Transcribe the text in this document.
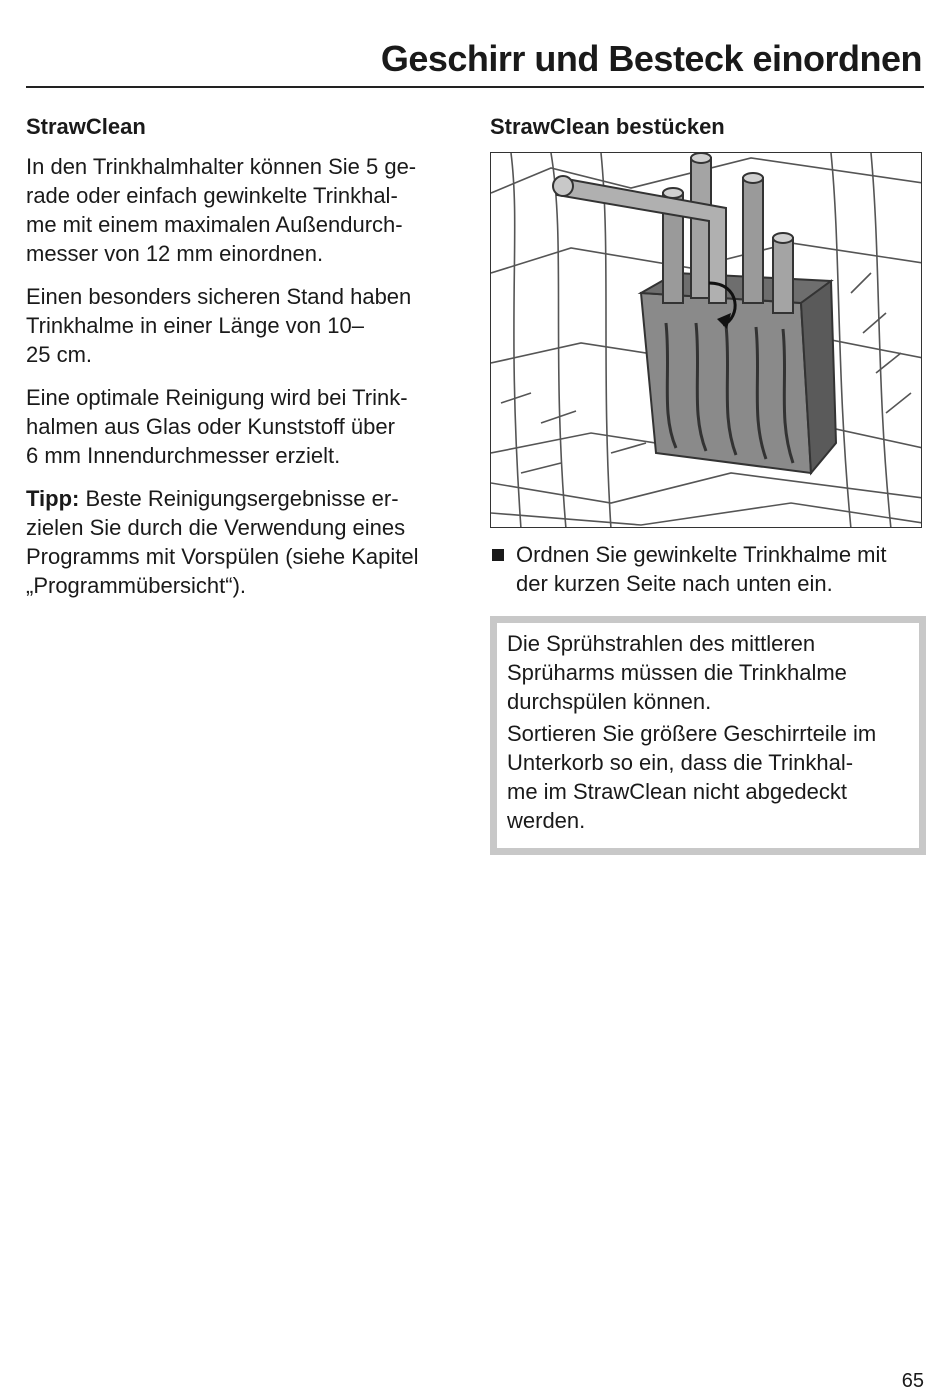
Geschirr und Besteck einordnen
StrawClean
In den Trinkhalmhalter können Sie 5 ge-
rade oder einfach gewinkelte Trinkhal-
me mit einem maximalen Außendurch-
messer von 12 mm einordnen.
Einen besonders sicheren Stand haben
Trinkhalme in einer Länge von 10–
25 cm.
Eine optimale Reinigung wird bei Trink-
halmen aus Glas oder Kunststoff über
6 mm Innendurchmesser erzielt.
Tipp: Beste Reinigungsergebnisse er-
zielen Sie durch die Verwendung eines
Programms mit Vorspülen (siehe Kapitel
„Programmübersicht“).
StrawClean bestücken
Ordnen Sie gewinkelte Trinkhalme mit
der kurzen Seite nach unten ein.

Die Sprühstrahlen des mittleren
Sprüharms müssen die Trinkhalme
durchspülen können.

Sortieren Sie größere Geschirrteile im
Unterkorb so ein, dass die Trinkhal-
me im StrawClean nicht abgedeckt
werden.

65
